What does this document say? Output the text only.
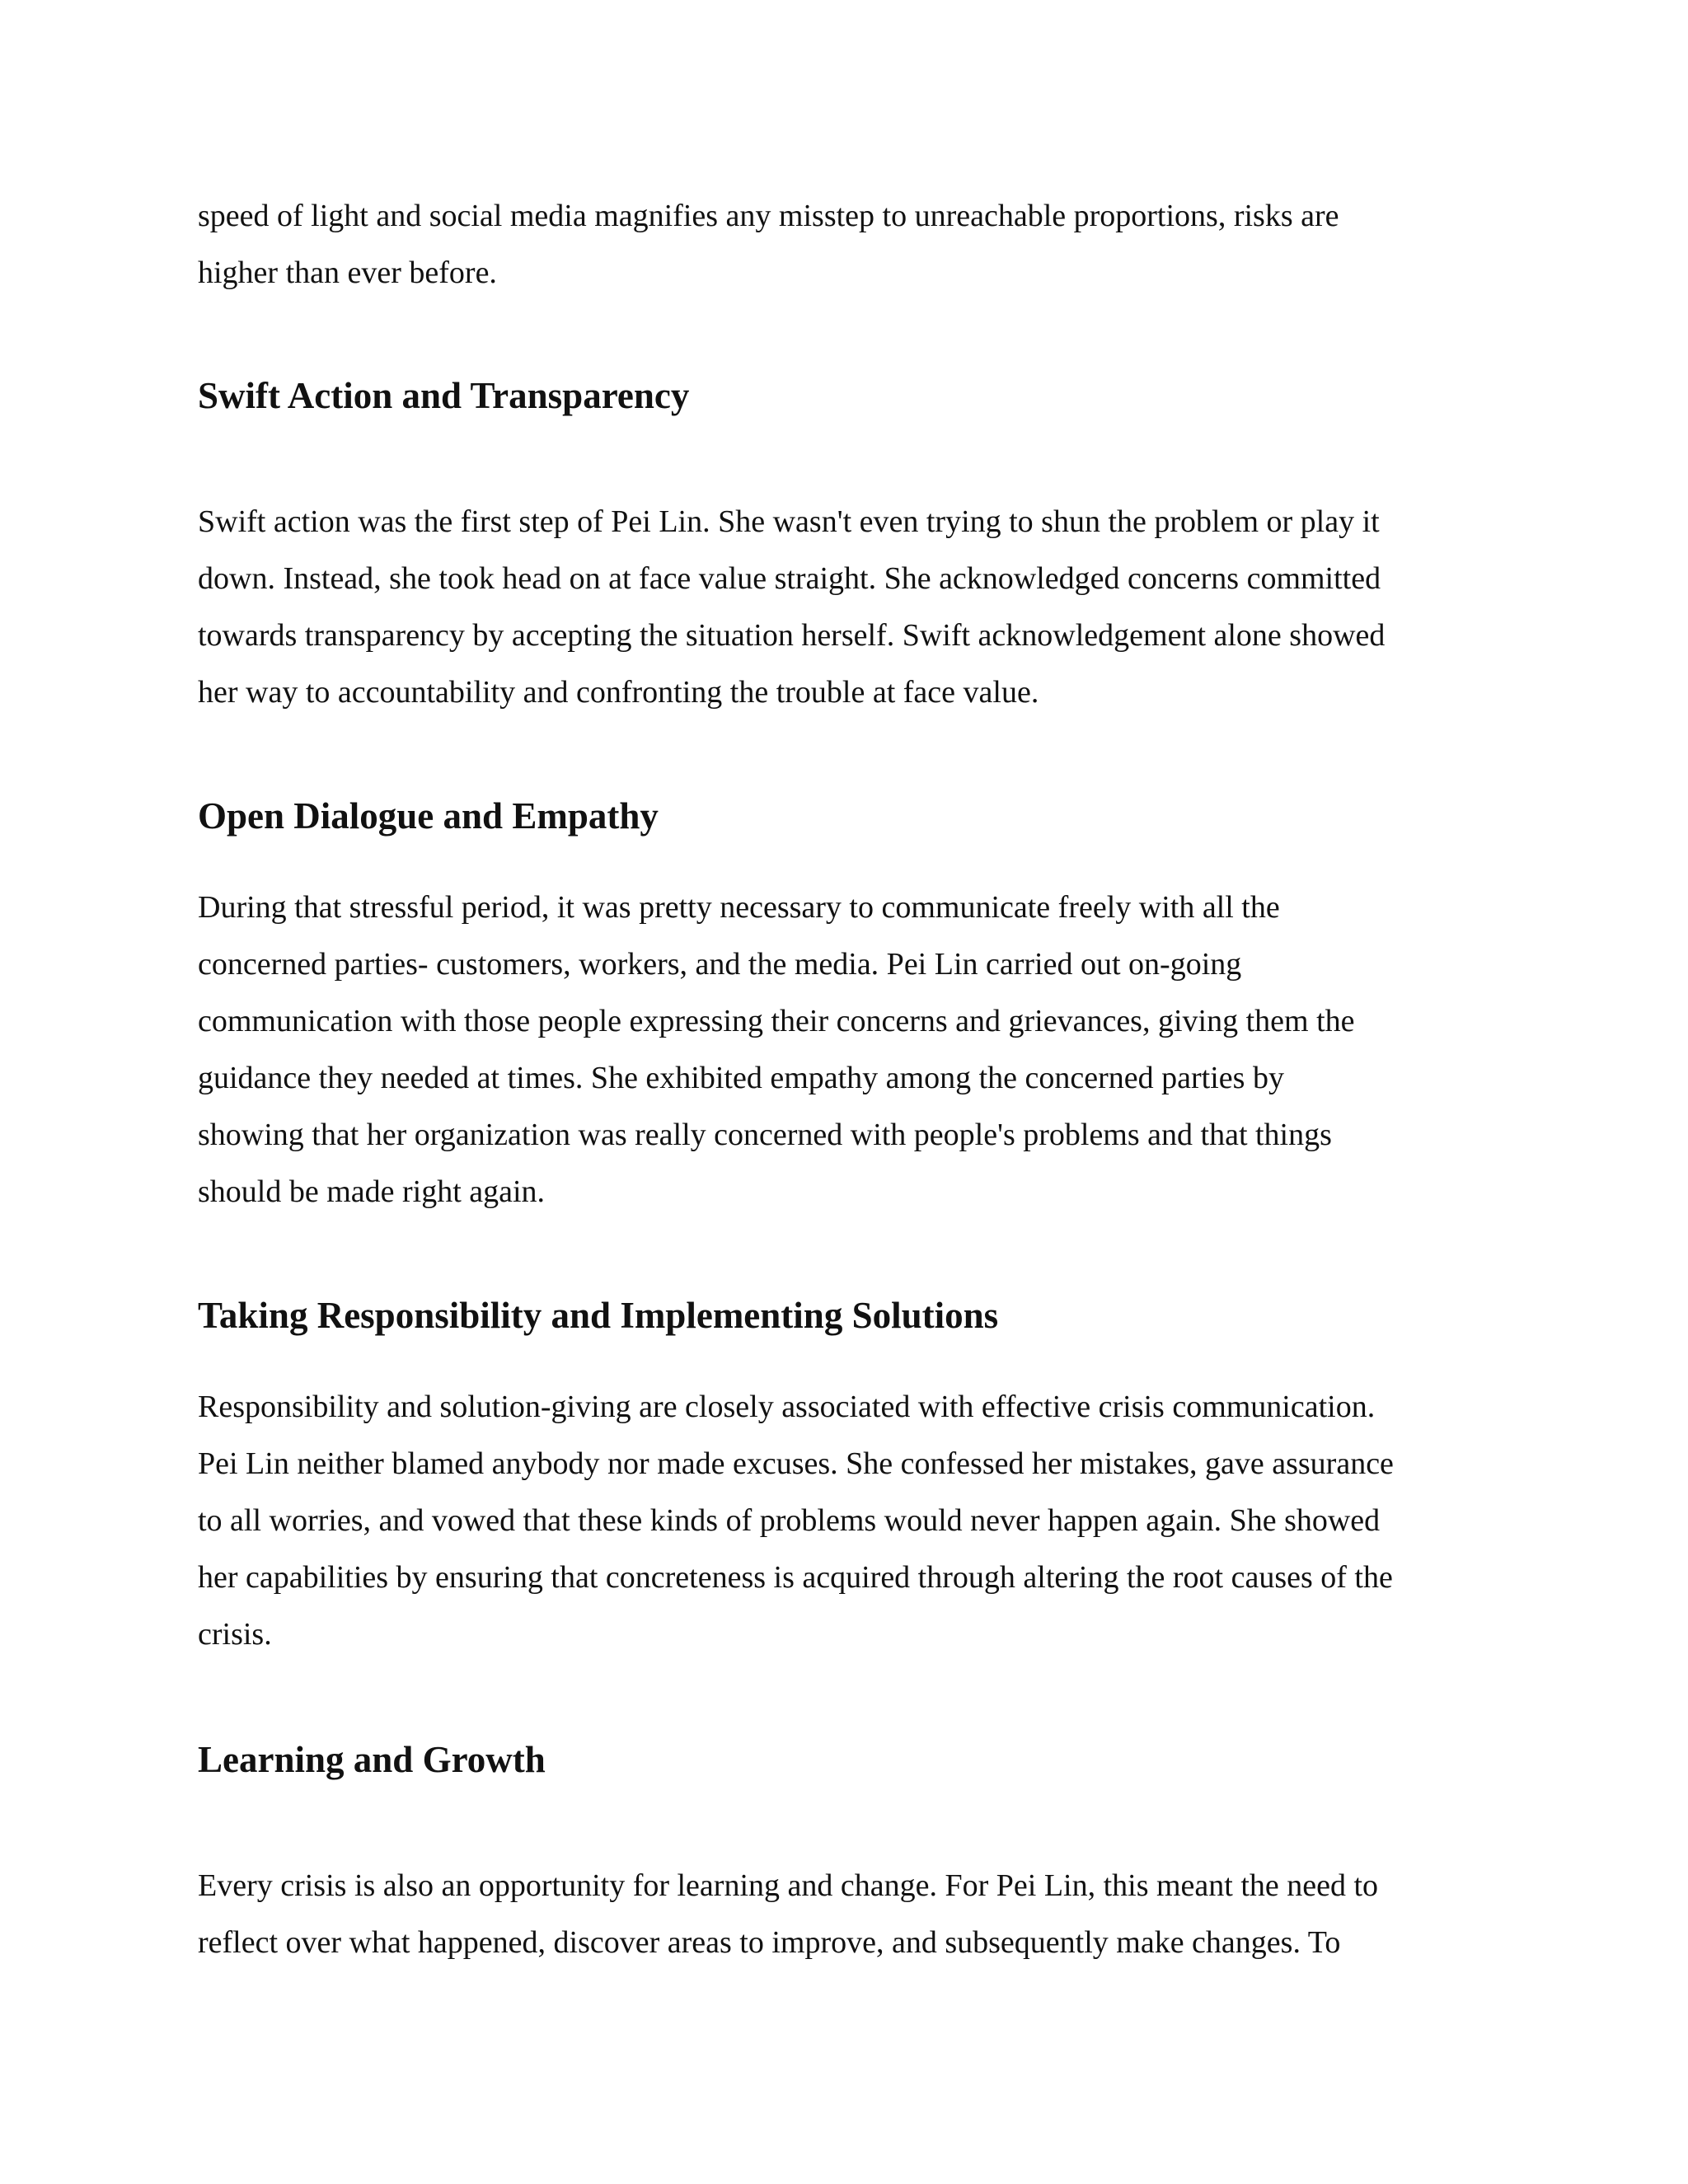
speed of light and social media magnifies any misstep to unreachable proportions, risks are
higher than ever before.

Swift Action and Transparency

Swift action was the first step of Pei Lin. She wasn't even trying to shun the problem or play it
down. Instead, she took head on at face value straight. She acknowledged concerns committed
towards transparency by accepting the situation herself. Swift acknowledgement alone showed
her way to accountability and confronting the trouble at face value.

Open Dialogue and Empathy

During that stressful period, it was pretty necessary to communicate freely with all the
concerned parties- customers, workers, and the media. Pei Lin carried out on-going
communication with those people expressing their concerns and grievances, giving them the
guidance they needed at times. She exhibited empathy among the concerned parties by
showing that her organization was really concerned with people's problems and that things
should be made right again.

Taking Responsibility and Implementing Solutions

Responsibility and solution-giving are closely associated with effective crisis communication.
Pei Lin neither blamed anybody nor made excuses. She confessed her mistakes, gave assurance
to all worries, and vowed that these kinds of problems would never happen again. She showed
her capabilities by ensuring that concreteness is acquired through altering the root causes of the
crisis.

Learning and Growth

Every crisis is also an opportunity for learning and change. For Pei Lin, this meant the need to
reflect over what happened, discover areas to improve, and subsequently make changes. To
